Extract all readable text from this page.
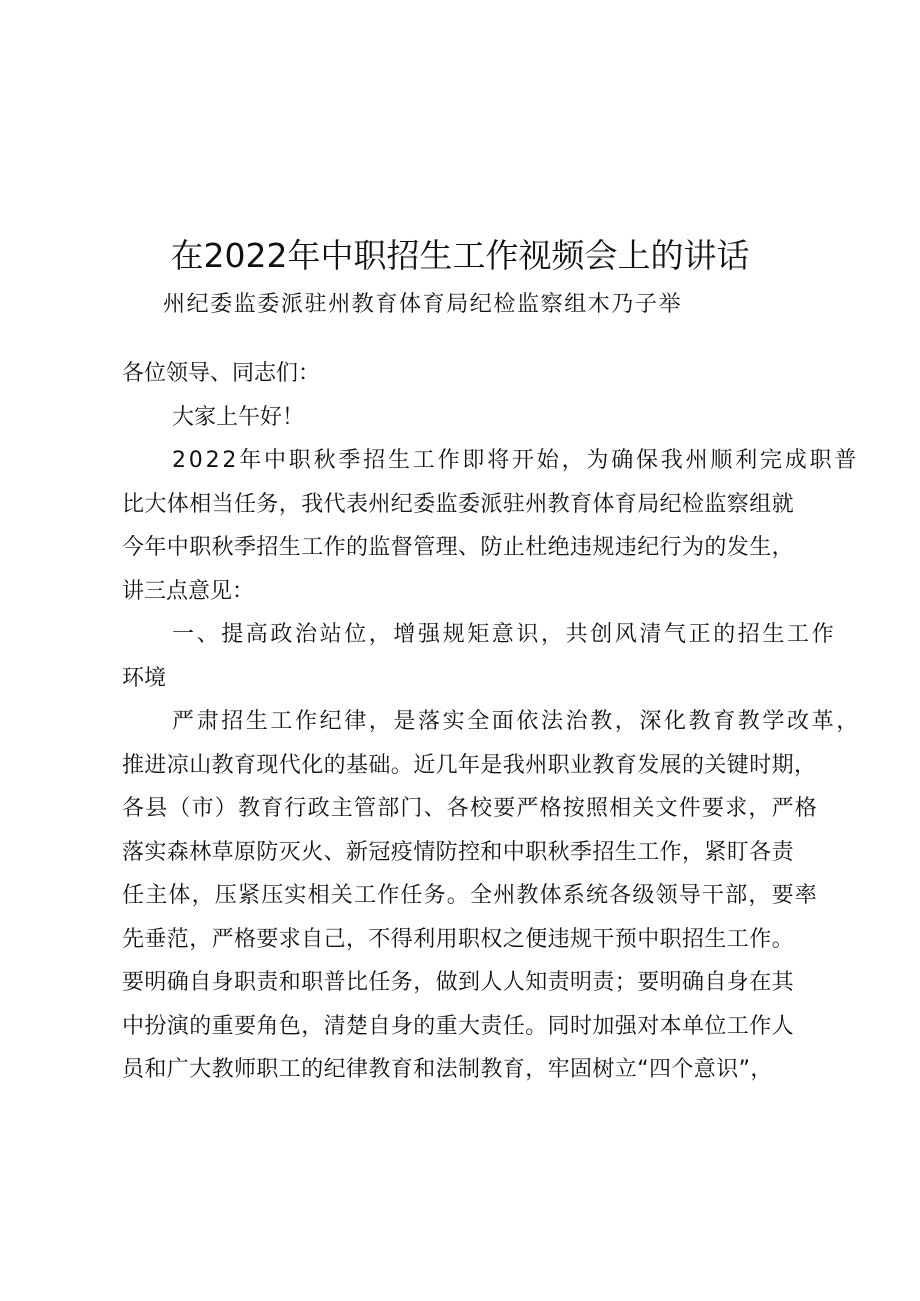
在2022年中职招生工作视频会上的讲话
州纪委监委派驻州教育体育局纪检监察组木乃子举
各位领导、同志们：
大家上午好！
2022年中职秋季招生工作即将开始，为确保我州顺利完成职普
比大体相当任务，我代表州纪委监委派驻州教育体育局纪检监察组就
今年中职秋季招生工作的监督管理、防止杜绝违规违纪行为的发生，
讲三点意见：
一、提高政治站位，增强规矩意识，共创风清气正的招生工作
环境
严肃招生工作纪律，是落实全面依法治教，深化教育教学改革，
推进凉山教育现代化的基础。近几年是我州职业教育发展的关键时期，
各县（市）教育行政主管部门、各校要严格按照相关文件要求，严格
落实森林草原防灭火、新冠疫情防控和中职秋季招生工作，紧盯各责
任主体，压紧压实相关工作任务。全州教体系统各级领导干部，要率
先垂范，严格要求自己，不得利用职权之便违规干预中职招生工作。
要明确自身职责和职普比任务，做到人人知责明责；要明确自身在其
中扮演的重要角色，清楚自身的重大责任。同时加强对本单位工作人
员和广大教师职工的纪律教育和法制教育，牢固树立“四个意识”，
